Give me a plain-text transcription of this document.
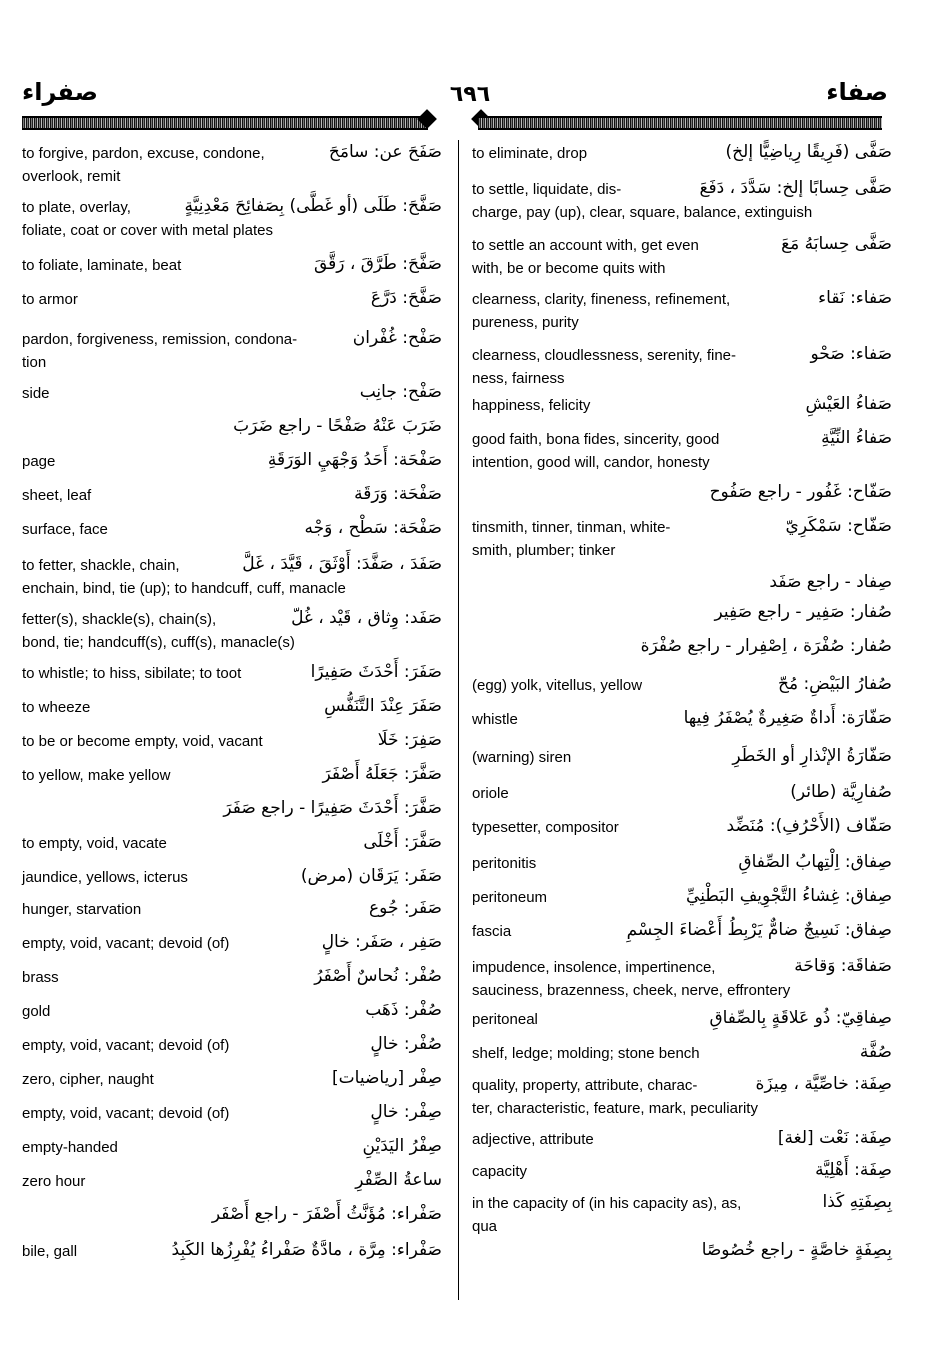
صفراء	٦٩٦	صفاء
صَفَحَ عن: سامَحَ
to forgive, pardon, excuse, condone,
overlook, remit
صَفَّحَ: طَلَى (أو غَطَّى) بِصَفائِحَ مَعْدِنِيَّةٍ
to plate, overlay,
foliate, coat or cover with metal plates
صَفَّحَ: طَرَّقَ ، رَقَّقَ
to foliate, laminate, beat
صَفَّحَ: دَرَّعَ
to armor
صَفْح: غُفْران
pardon, forgiveness, remission, condona-
tion
صَفْح: جانِب
side
ضَرَبَ عَنْهُ صَفْحًا - راجع ضَرَبَ
صَفْحَة: أَحَدُ وَجْهَيِ الوَرَقَةِ
page
صَفْحَة: وَرَقَة
sheet, leaf
صَفْحَة: سَطْح ، وَجْه
surface, face
صَفَدَ ، صَفَّدَ: أَوْثَقَ ، قَيَّدَ ، غَلَّ
to fetter, shackle, chain,
enchain, bind, tie (up); to handcuff, cuff, manacle
صَفَد: وِثاق ، قَيْد ، غُلّ
fetter(s), shackle(s), chain(s),
bond, tie; handcuff(s), cuff(s), manacle(s)
صَفَرَ: أَحْدَثَ صَفِيرًا
to whistle; to hiss, sibilate; to toot
صَفَرَ عِنْدَ التَّنَفُّسِ
to wheeze
صَفِرَ: خَلَا
to be or become empty, void, vacant
صَفَّرَ: جَعَلَهُ أَصْفَرَ
to yellow, make yellow
صَفَّرَ: أَحْدَثَ صَفِيرًا - راجع صَفَرَ
صَفَّرَ: أَخْلَى
to empty, void, vacate
صَفَر: يَرَقَان (مرض)
jaundice, yellows, icterus
صَفَر: جُوع
hunger, starvation
صَفِر ، صَفَر: خالٍ
empty, void, vacant; devoid (of)
صُفْر: نُحاسٌ أَصْفَرُ
brass
صُفْر: ذَهَب
gold
صُفْر: خالٍ
empty, void, vacant; devoid (of)
صِفْر [رياضيات]
zero, cipher, naught
صِفْر: خالٍ
empty, void, vacant; devoid (of)
صِفْرُ اليَدَيْنِ
empty-handed
ساعةُ الصِّفْرِ
zero hour
صَفْراء: مُؤَنَّثُ أَصْفَرَ - راجع أَصْفَر
صَفْراء: مِرَّة ، مادَّةٌ صَفْراءُ يُفْرِزُها الكَبِدُ
bile, gall
صَفَّى (فَرِيقًا رِياضِيًّا إلخ)
to eliminate, drop
صَفَّى حِسابًا إلخ: سَدَّدَ ، دَفَعَ
to settle, liquidate, dis-
charge, pay (up), clear, square, balance, extinguish
صَفَّى حِسابَهُ مَعَ
to settle an account with, get even
with, be or become quits with
صَفاء: نَقاء
clearness, clarity, fineness, refinement,
pureness, purity
صَفاء: صَحْو
clearness, cloudlessness, serenity, fine-
ness, fairness
صَفاءُ العَيْشِ
happiness, felicity
صَفاءُ النِّيَّةِ
good faith, bona fides, sincerity, good
intention, good will, candor, honesty
صَفّاح: غَفُور - راجع صَفُوح
صَفّاح: سَمْكَرِيّ
tinsmith, tinner, tinman, white-
smith, plumber; tinker
صِفاد - راجع صَفَد
صُفار: صَفِير - راجع صَفِير
صُفار: صُفْرَة ، اِصْفِرار - راجع صُفْرَة
صُفارُ البَيْضِ: مُحّ
(egg) yolk, vitellus, yellow
صَفّارَة: أَداةٌ صَغِيرةٌ يُصْفَرُ فِيها
whistle
صَفّارَةُ الإنْذارِ أو الخَطَرِ
(warning) siren
صُفارِيَّة (طائر)
oriole
صَفّاف (الأَحْرُفِ): مُنَضِّد
typesetter, compositor
صِفاق: اِلْتِهابُ الصِّفاقِ
peritonitis
صِفاق: غِشاءُ التَّجْوِيفِ البَطْنِيِّ
peritoneum
صِفاق: نَسِيجٌ ضامٌّ يَرْبِطُ أَعْضاءَ الجِسْمِ
fascia
صَفاقَة: وَقاحَة
impudence, insolence, impertinence,
sauciness, brazenness, cheek, nerve, effrontery
صِفاقِيّ: ذُو عَلاقَةٍ بِالصِّفاقِ
peritoneal
صُفَّة
shelf, ledge; molding; stone bench
صِفَة: خاصِّيَّة ، مِيزَة
quality, property, attribute, charac-
ter, characteristic, feature, mark, peculiarity
صِفَة: نَعْت [لغة]
adjective, attribute
صِفَة: أَهْلِيَّة
capacity
بِصِفَتِهِ كَذا
in the capacity of (in his capacity as), as,
qua
بِصِفَةٍ خاصَّةٍ - راجع خُصُوصًا
